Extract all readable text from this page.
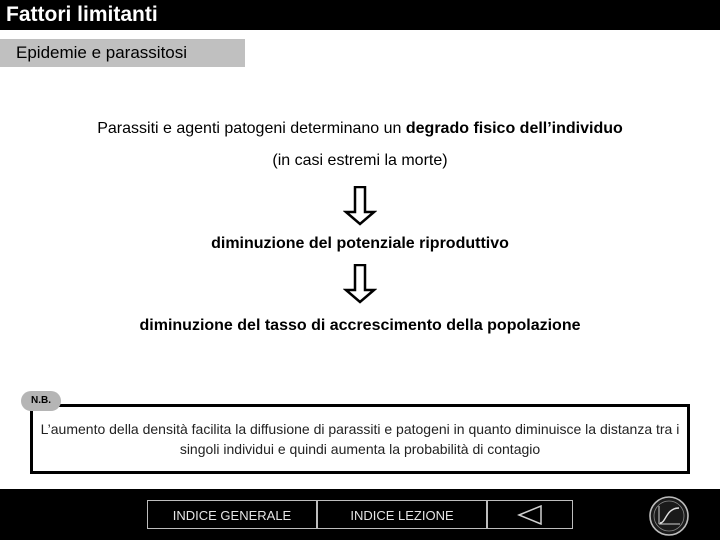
Fattori limitanti
Epidemie e parassitosi
Parassiti e agenti patogeni determinano un degrado fisico dell’individuo
(in casi estremi la morte)
diminuzione del potenziale riproduttivo
diminuzione del tasso di accrescimento della popolazione
N.B.
L’aumento della densità facilita la diffusione di parassiti e patogeni in quanto diminuisce la distanza tra i singoli individui e quindi aumenta la probabilità di contagio
INDICE GENERALE	INDICE LEZIONE
